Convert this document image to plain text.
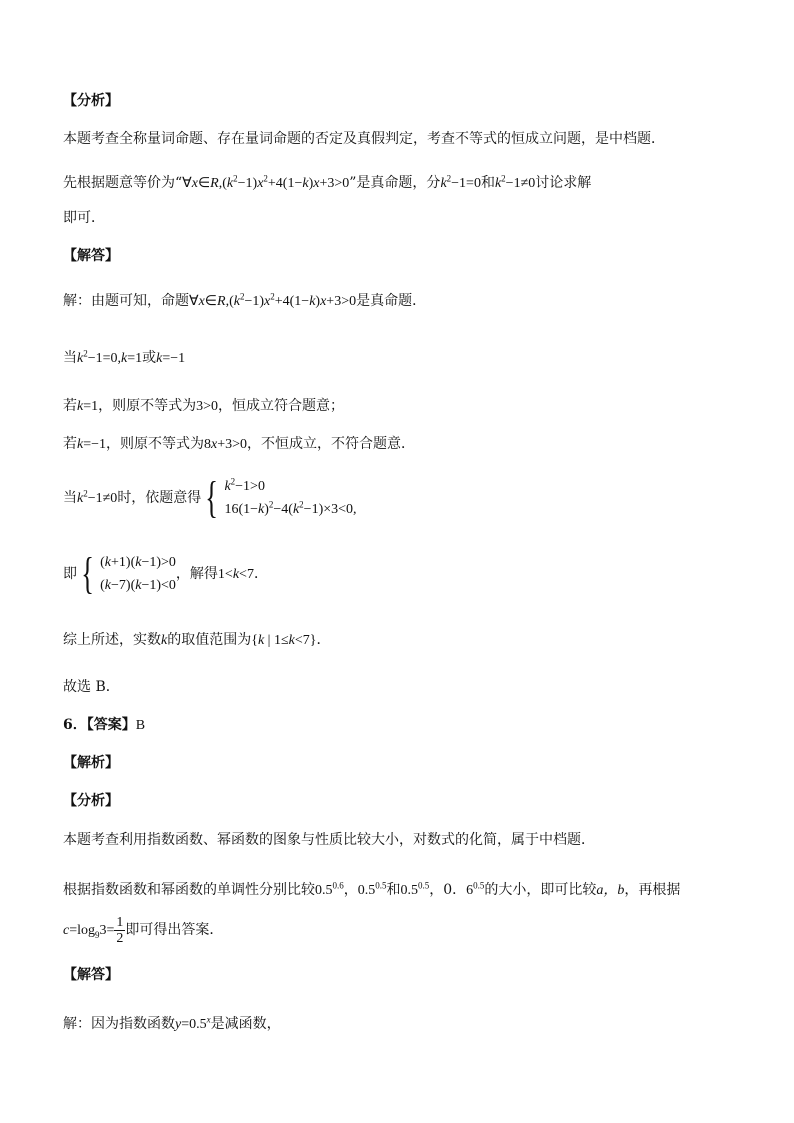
【分析】
本题考查全称量词命题、存在量词命题的否定及真假判定，考查不等式的恒成立问题，是中档题．
先根据题意等价为“$\forall x\in R,(k^2-1)x^2+4(1-k)x+3>0$”是真命题，分$k^2-1=0$和$k^2-1\ne 0$讨论求解
即可．
【解答】
解：由题可知，命题$\forall x\in R,(k^2-1)x^2+4(1-k)x+3>0$是真命题．
当$k^2-1=0,k=1$或k=−1
若k=1，则原不等式为3>0，恒成立符合题意；
若k=−1，则原不等式为8x+3>0，不恒成立，不符合题意．
当$k^2-1\ne 0$时，依题意得 { $k^2-1>0$
$16(1-k)^2-4(k^2-1)\times 3<0$,
即 { (k+1)(k−1)>0
(k−7)(k−1)<0
，解得1<k<7．
综上所述，实数k的取值范围为{k | 1≤k<7}．
故选 B．
6．【答案】B
【解析】
【分析】
本题考查利用指数函数、幂函数的图象与性质比较大小，对数式的化简，属于中档题．
根据指数函数和幂函数的单调性分别比较$0.5^{0.6}$，$0.5^{0.5}$和$0.5^{0.5}$，0．$6^{0.5}$的大小，即可比较a，b，再根据
$c=\log_93= \frac{1}{2}$ 即可得出答案．
【解答】
解：因为指数函数$y=0.5^x$是减函数，
